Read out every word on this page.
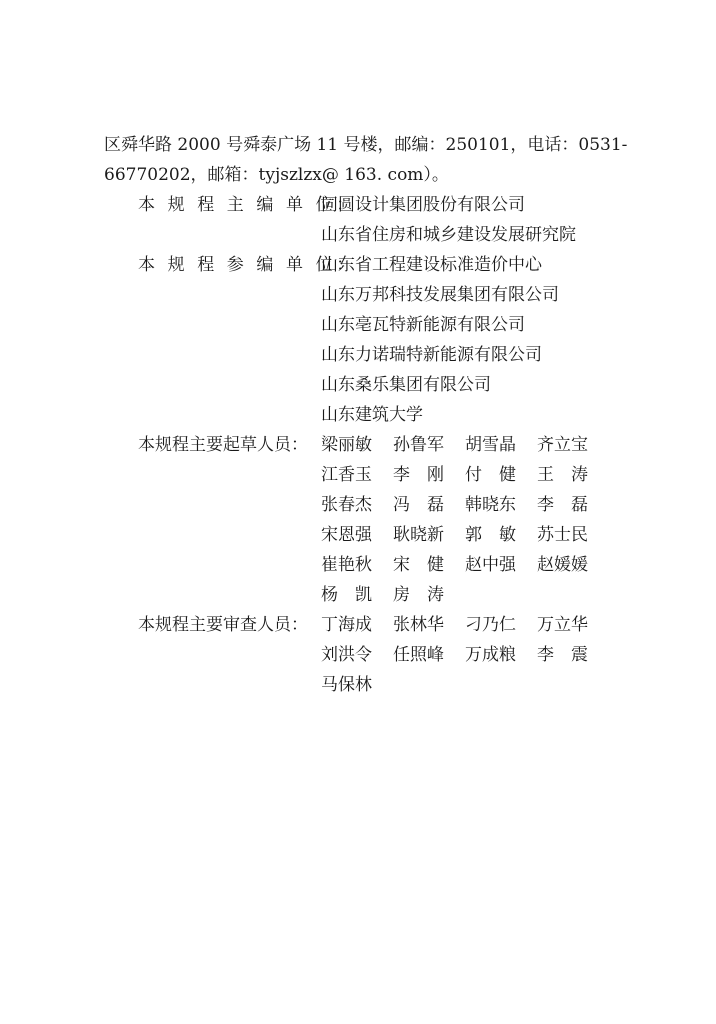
区舜华路 2000 号舜泰广场 11 号楼，邮编：250101，电话：0531-
66770202，邮箱：tyjszlzx@ 163. com）。
本 规 程 主 编 单 位：
同圆设计集团股份有限公司
山东省住房和城乡建设发展研究院
本 规 程 参 编 单 位：
山东省工程建设标准造价中心
山东万邦科技发展集团有限公司
山东亳瓦特新能源有限公司
山东力诺瑞特新能源有限公司
山东桑乐集团有限公司
山东建筑大学
本规程主要起草人员： 梁丽敏	孙鲁军	胡雪晶	齐立宝
江香玉	李　刚	付　健	王　涛
张春杰	冯　磊	韩晓东	李　磊
宋恩强	耿晓新	郭　敏	苏士民
崔艳秋	宋　健	赵中强	赵媛媛
杨　凯	房　涛
本规程主要审查人员： 丁海成	张林华	刁乃仁	万立华
刘洪令	任照峰	万成粮	李　震
马保林
